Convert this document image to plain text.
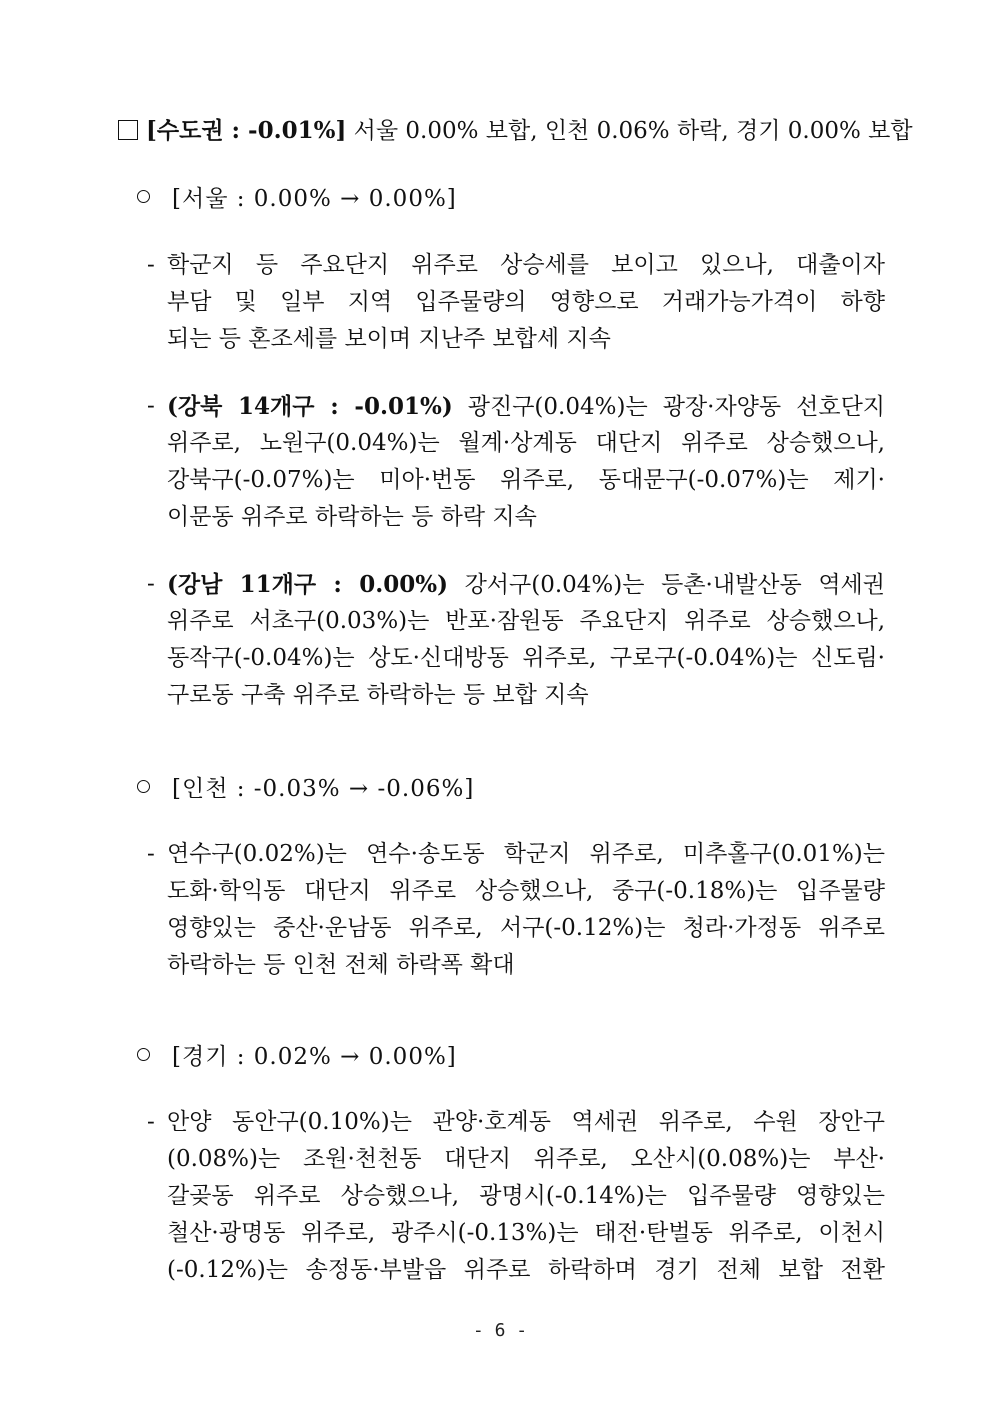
[수도권 : -0.01%] 서울 0.00% 보합, 인천 0.06% 하락, 경기 0.00% 보합
[서울 : 0.00% → 0.00%]
- 학군지 등 주요단지 위주로 상승세를 보이고 있으나, 대출이자
부담 및 일부 지역 입주물량의 영향으로 거래가능가격이 하향
되는 등 혼조세를 보이며 지난주 보합세 지속
- (강북 14개구 : -0.01%) 광진구(0.04%)는 광장·자양동 선호단지
위주로, 노원구(0.04%)는 월계·상계동 대단지 위주로 상승했으나,
강북구(-0.07%)는 미아·번동 위주로, 동대문구(-0.07%)는 제기·
이문동 위주로 하락하는 등 하락 지속
- (강남 11개구 : 0.00%) 강서구(0.04%)는 등촌·내발산동 역세권
위주로 서초구(0.03%)는 반포·잠원동 주요단지 위주로 상승했으나,
동작구(-0.04%)는 상도·신대방동 위주로, 구로구(-0.04%)는 신도림·
구로동 구축 위주로 하락하는 등 보합 지속
[인천 : -0.03% → -0.06%]
- 연수구(0.02%)는 연수·송도동 학군지 위주로, 미추홀구(0.01%)는
도화·학익동 대단지 위주로 상승했으나, 중구(-0.18%)는 입주물량
영향있는 중산·운남동 위주로, 서구(-0.12%)는 청라·가정동 위주로
하락하는 등 인천 전체 하락폭 확대
[경기 : 0.02% → 0.00%]
- 안양 동안구(0.10%)는 관양·호계동 역세권 위주로, 수원 장안구
(0.08%)는 조원·천천동 대단지 위주로, 오산시(0.08%)는 부산·
갈곶동 위주로 상승했으나, 광명시(-0.14%)는 입주물량 영향있는
철산·광명동 위주로, 광주시(-0.13%)는 태전·탄벌동 위주로, 이천시
(-0.12%)는 송정동·부발읍 위주로 하락하며 경기 전체 보합 전환
- 6 -
